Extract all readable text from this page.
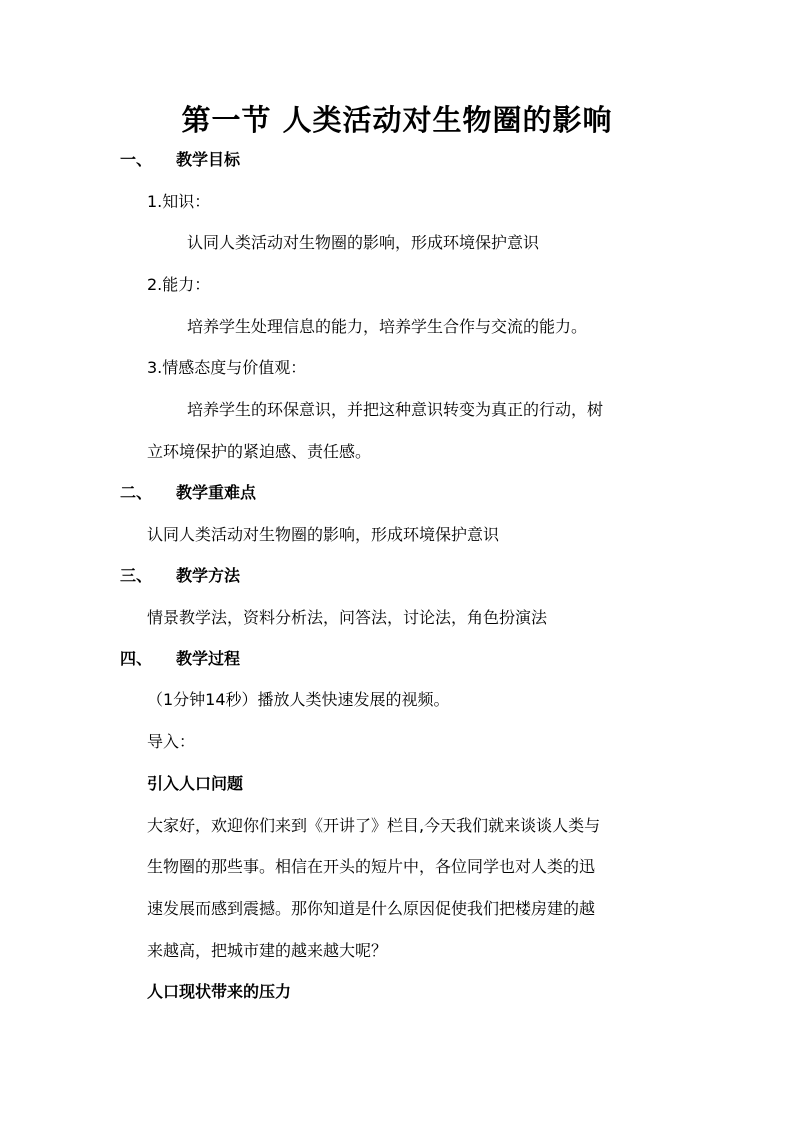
第一节 人类活动对生物圈的影响
一、 教学目标
1.知识：
认同人类活动对生物圈的影响，形成环境保护意识
2.能力：
培养学生处理信息的能力，培养学生合作与交流的能力。
3.情感态度与价值观：
培养学生的环保意识，并把这种意识转变为真正的行动，树
立环境保护的紧迫感、责任感。
二、 教学重难点
认同人类活动对生物圈的影响，形成环境保护意识
三、 教学方法
情景教学法，资料分析法，问答法，讨论法，角色扮演法
四、 教学过程
（1分钟14秒）播放人类快速发展的视频。
导入：
引入人口问题
大家好，欢迎你们来到《开讲了》栏目,今天我们就来谈谈人类与
生物圈的那些事。相信在开头的短片中，各位同学也对人类的迅
速发展而感到震撼。那你知道是什么原因促使我们把楼房建的越
来越高，把城市建的越来越大呢？
人口现状带来的压力
